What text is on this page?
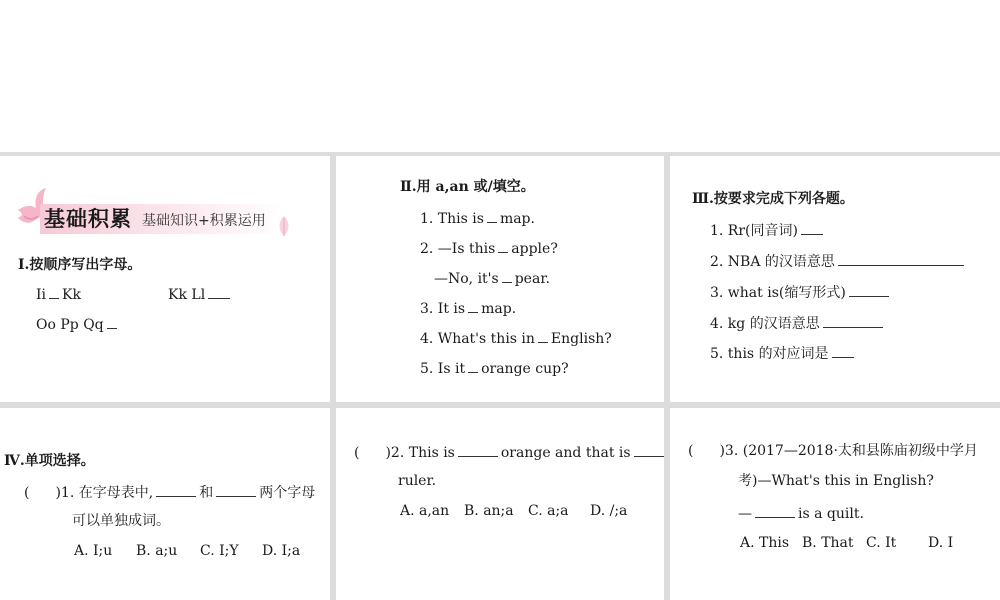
基础积累 基础知识+积累运用
Ⅰ.按顺序写出字母。
Ii Kk	Kk Ll
Oo Pp Qq
Ⅱ.用 a,an 或/填空。
1. This is map.
2. —Is this apple?
—No, it's pear.
3. It is map.
4. What's this in English?
5. Is it orange cup?
Ⅲ.按要求完成下列各题。
1. Rr(同音词)
2. NBA 的汉语意思
3. what is(缩写形式)
4. kg 的汉语意思
5. this 的对应词是
Ⅳ.单项选择。
( )1. 在字母表中,	和	两个字母
可以单独成词。
A. I;u B. a;u C. I;Y D. I;a
( )2. This is	orange and that is
ruler.
A. a,an B. an;a C. a;a D. /;a
( )3. (2017—2018·太和县陈庙初级中学月
考)—What's this in English?
—	is a quilt.
A. This B. That C. It D. I
